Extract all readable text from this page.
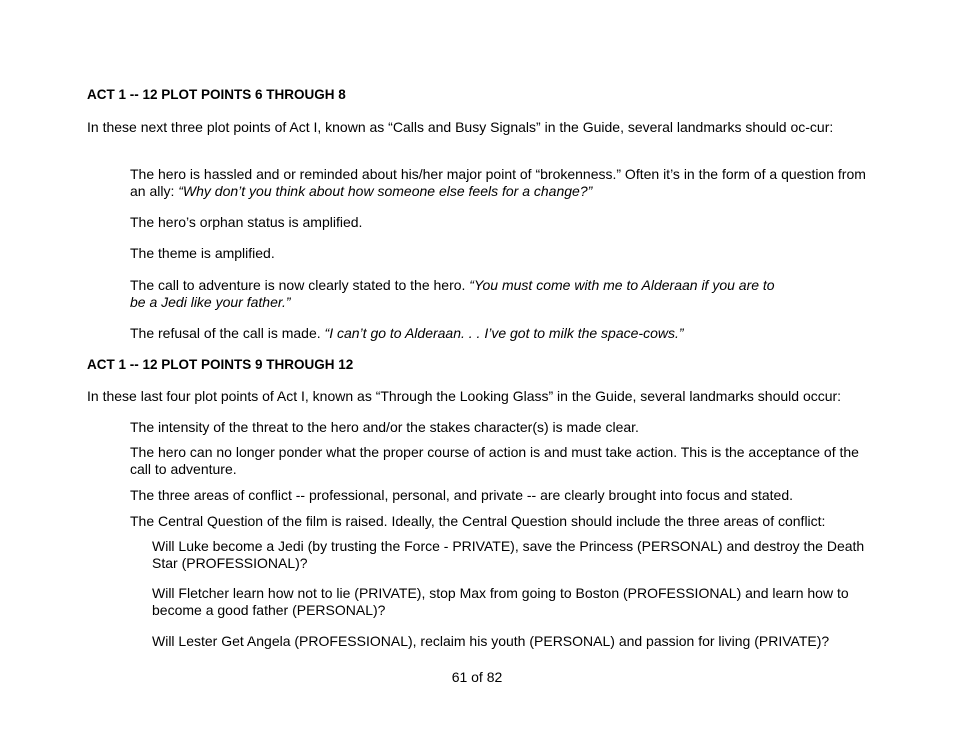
ACT 1 -- 12 PLOT POINTS 6 THROUGH 8

In these next three plot points of Act I, known as “Calls and Busy Signals” in the Guide, several landmarks should oc-cur:

The hero is hassled and or reminded about his/her major point of “brokenness.” Often it’s in the form of a question from an ally: “Why don’t you think about how someone else feels for a change?”

The hero’s orphan status is amplified.

The theme is amplified.

The call to adventure is now clearly stated to the hero. “You must come with me to Alderaan if you are to be a Jedi like your father.”

The refusal of the call is made. “I can’t go to Alderaan. . . I’ve got to milk the space-cows.”

ACT 1 -- 12 PLOT POINTS 9 THROUGH 12

In these last four plot points of Act I, known as “Through the Looking Glass” in the Guide, several landmarks should occur:

The intensity of the threat to the hero and/or the stakes character(s) is made clear.

The hero can no longer ponder what the proper course of action is and must take action. This is the acceptance of the call to adventure.

The three areas of conflict -- professional, personal, and private -- are clearly brought into focus and stated.

The Central Question of the film is raised. Ideally, the Central Question should include the three areas of conflict:

Will Luke become a Jedi (by trusting the Force - PRIVATE), save the Princess (PERSONAL) and destroy the Death Star (PROFESSIONAL)?

Will Fletcher learn how not to lie (PRIVATE), stop Max from going to Boston (PROFESSIONAL) and learn how to become a good father (PERSONAL)?

Will Lester Get Angela (PROFESSIONAL), reclaim his youth (PERSONAL) and passion for living (PRIVATE)?

61 of 82
